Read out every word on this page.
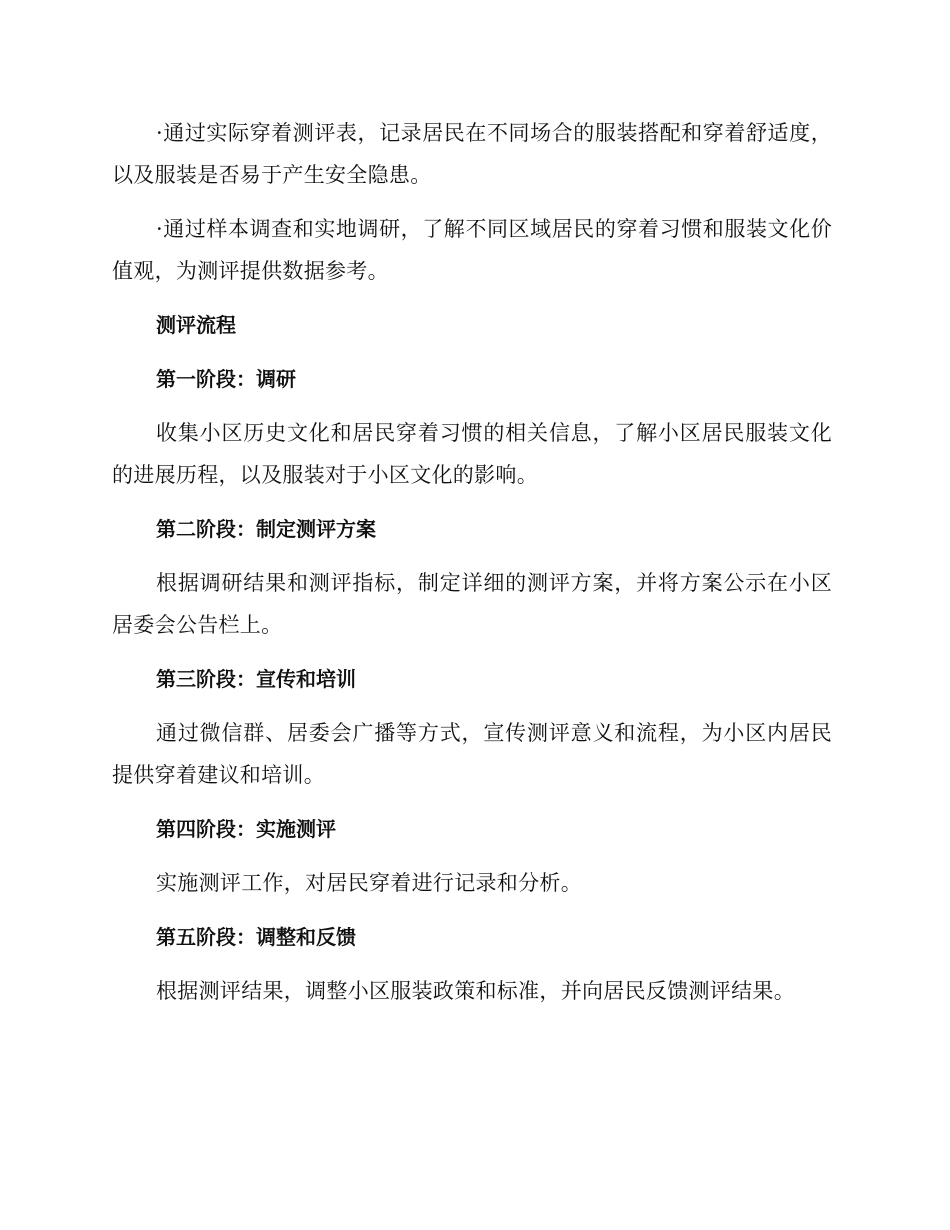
·通过实际穿着测评表，记录居民在不同场合的服装搭配和穿着舒适度，以及服装是否易于产生安全隐患。

·通过样本调查和实地调研，了解不同区域居民的穿着习惯和服装文化价值观，为测评提供数据参考。

测评流程
第一阶段：调研

收集小区历史文化和居民穿着习惯的相关信息，了解小区居民服装文化的进展历程，以及服装对于小区文化的影响。

第二阶段：制定测评方案

根据调研结果和测评指标，制定详细的测评方案，并将方案公示在小区居委会公告栏上。

第三阶段：宣传和培训

通过微信群、居委会广播等方式，宣传测评意义和流程，为小区内居民提供穿着建议和培训。

第四阶段：实施测评

实施测评工作，对居民穿着进行记录和分析。

第五阶段：调整和反馈

根据测评结果，调整小区服装政策和标准，并向居民反馈测评结果。
